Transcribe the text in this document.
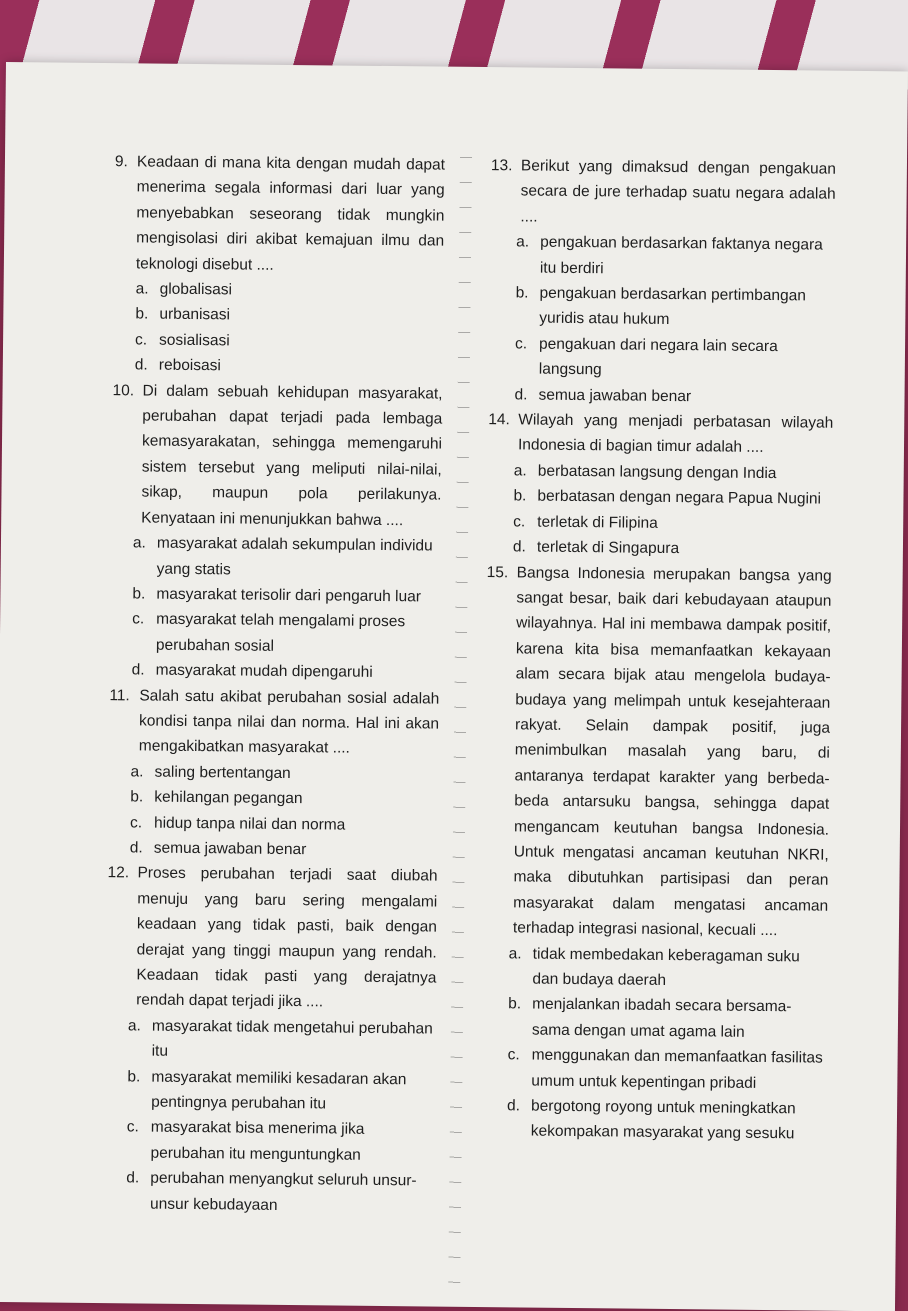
9. Keadaan di mana kita dengan mudah dapat menerima segala informasi dari luar yang menyebabkan seseorang tidak mungkin mengisolasi diri akibat kemajuan ilmu dan teknologi disebut ....
a. globalisasi
b. urbanisasi
c. sosialisasi
d. reboisasi
10. Di dalam sebuah kehidupan masyarakat, perubahan dapat terjadi pada lembaga kemasyarakatan, sehingga memengaruhi sistem tersebut yang meliputi nilai-nilai, sikap, maupun pola perilakunya. Kenyataan ini menunjukkan bahwa ....
a. masyarakat adalah sekumpulan individu yang statis
b. masyarakat terisolir dari pengaruh luar
c. masyarakat telah mengalami proses perubahan sosial
d. masyarakat mudah dipengaruhi
11. Salah satu akibat perubahan sosial adalah kondisi tanpa nilai dan norma. Hal ini akan mengakibatkan masyarakat ....
a. saling bertentangan
b. kehilangan pegangan
c. hidup tanpa nilai dan norma
d. semua jawaban benar
12. Proses perubahan terjadi saat diubah menuju yang baru sering mengalami keadaan yang tidak pasti, baik dengan derajat yang tinggi maupun yang rendah. Keadaan tidak pasti yang derajatnya rendah dapat terjadi jika ....
a. masyarakat tidak mengetahui perubahan itu
b. masyarakat memiliki kesadaran akan pentingnya perubahan itu
c. masyarakat bisa menerima jika perubahan itu menguntungkan
d. perubahan menyangkut seluruh unsur-unsur kebudayaan
13. Berikut yang dimaksud dengan pengakuan secara de jure terhadap suatu negara adalah ....
a. pengakuan berdasarkan faktanya negara itu berdiri
b. pengakuan berdasarkan pertimbangan yuridis atau hukum
c. pengakuan dari negara lain secara langsung
d. semua jawaban benar
14. Wilayah yang menjadi perbatasan wilayah Indonesia di bagian timur adalah ....
a. berbatasan langsung dengan India
b. berbatasan dengan negara Papua Nugini
c. terletak di Filipina
d. terletak di Singapura
15. Bangsa Indonesia merupakan bangsa yang sangat besar, baik dari kebudayaan ataupun wilayahnya. Hal ini membawa dampak positif, karena kita bisa memanfaatkan kekayaan alam secara bijak atau mengelola budaya-budaya yang melimpah untuk kesejahteraan rakyat. Selain dampak positif, juga menimbulkan masalah yang baru, di antaranya terdapat karakter yang berbeda-beda antarsuku bangsa, sehingga dapat mengancam keutuhan bangsa Indonesia. Untuk mengatasi ancaman keutuhan NKRI, maka dibutuhkan partisipasi dan peran masyarakat dalam mengatasi ancaman terhadap integrasi nasional, kecuali ....
a. tidak membedakan keberagaman suku dan budaya daerah
b. menjalankan ibadah secara bersama-sama dengan umat agama lain
c. menggunakan dan memanfaatkan fasilitas umum untuk kepentingan pribadi
d. bergotong royong untuk meningkatkan kekompakan masyarakat yang sesuku
